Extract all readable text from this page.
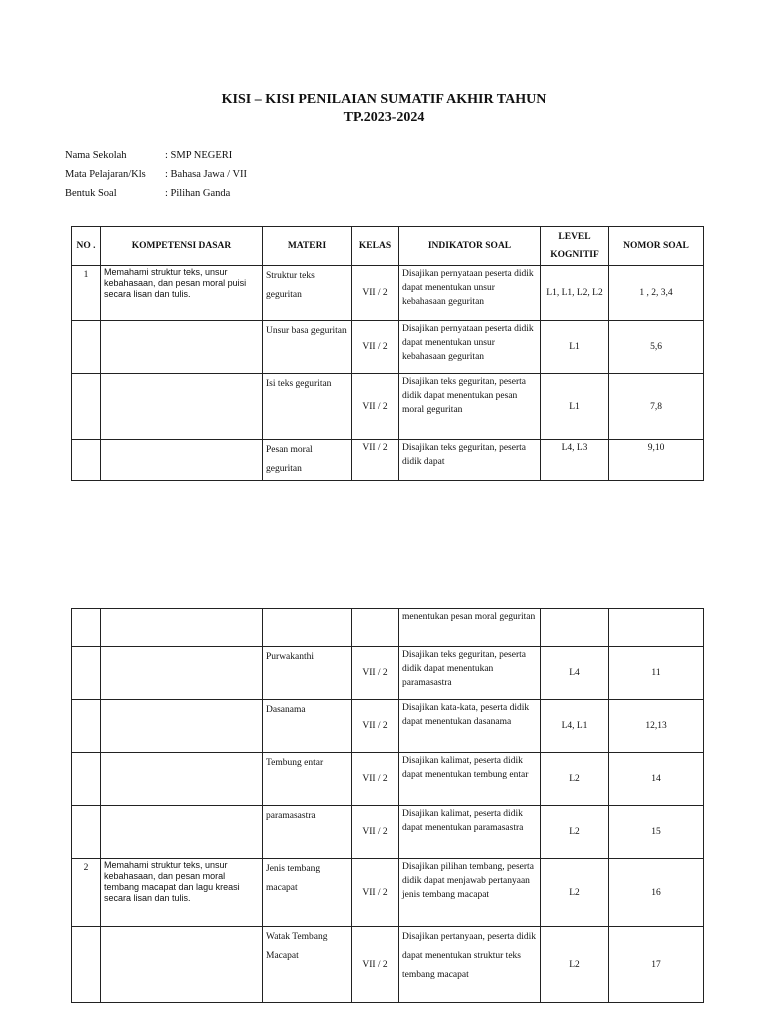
KISI – KISI PENILAIAN SUMATIF AKHIR TAHUN
TP.2023-2024
Nama Sekolah	: SMP NEGERI
Mata Pelajaran/Kls	: Bahasa Jawa / VII
Bentuk Soal	: Pilihan Ganda
NO .	KOMPETENSI DASAR	MATERI	KELAS	INDIKATOR SOAL	LEVEL KOGNITIF	NOMOR SOAL
1	Memahami struktur teks, unsur kebahasaan, dan pesan moral puisi secara lisan dan tulis.	Struktur teks geguritan	VII / 2	Disajikan pernyataan peserta didik dapat menentukan unsur kebahasaan geguritan	L1, L1, L2, L2	1 , 2, 3,4
		Unsur basa geguritan	VII / 2	Disajikan pernyataan peserta didik dapat menentukan unsur kebahasaan geguritan	L1	5,6
		Isi teks geguritan	VII / 2	Disajikan teks geguritan, peserta didik dapat menentukan pesan moral geguritan	L1	7,8
		Pesan moral geguritan	VII / 2	Disajikan teks geguritan, peserta didik dapat	L4, L3	9,10
				menentukan pesan moral geguritan		
		Purwakanthi	VII / 2	Disajikan teks geguritan, peserta didik dapat menentukan paramasastra	L4	11
		Dasanama	VII / 2	Disajikan kata-kata, peserta didik dapat menentukan dasanama	L4, L1	12,13
		Tembung entar	VII / 2	Disajikan kalimat, peserta didik dapat menentukan tembung entar	L2	14
		paramasastra	VII / 2	Disajikan kalimat, peserta didik dapat menentukan paramasastra	L2	15
2	Memahami struktur teks, unsur kebahasaan, dan pesan moral tembang macapat dan lagu kreasi secara lisan dan tulis.	Jenis tembang macapat	VII / 2	Disajikan pilihan tembang, peserta didik dapat menjawab pertanyaan jenis tembang macapat	L2	16
		Watak Tembang Macapat	VII / 2	Disajikan pertanyaan, peserta didik dapat menentukan struktur teks tembang macapat	L2	17
